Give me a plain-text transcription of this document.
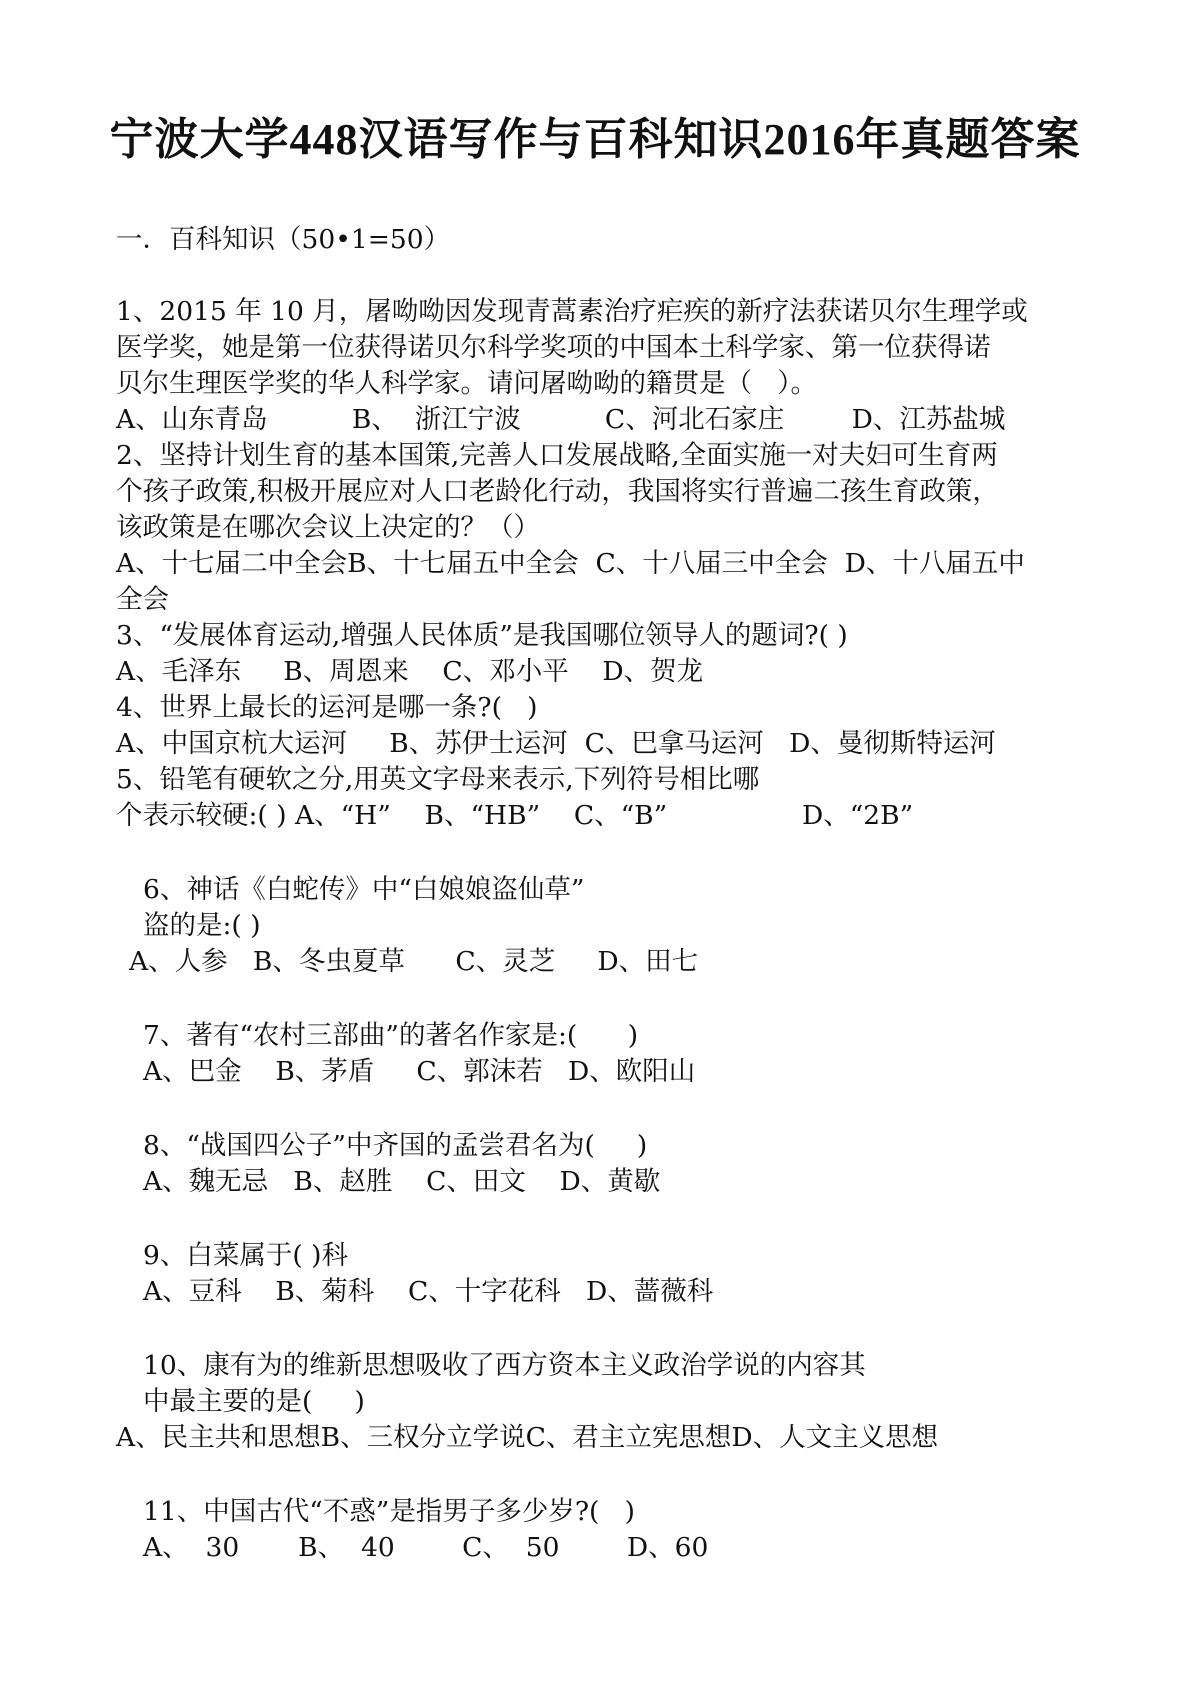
宁波大学448汉语写作与百科知识2016年真题答案
一．百科知识（50•1=50）
1、2015 年 10 月，屠呦呦因发现青蒿素治疗疟疾的新疗法获诺贝尔生理学或
医学奖，她是第一位获得诺贝尔科学奖项的中国本土科学家、第一位获得诺
贝尔生理医学奖的华人科学家。请问屠呦呦的籍贯是（   ）。
A、山东青岛          B、  浙江宁波          C、河北石家庄        D、江苏盐城
2、坚持计划生育的基本国策,完善人口发展战略,全面实施一对夫妇可生育两
个孩子政策,积极开展应对人口老龄化行动，我国将实行普遍二孩生育政策，
该政策是在哪次会议上决定的？（）
A、十七届二中全会B、十七届五中全会  C、十八届三中全会  D、十八届五中
全会
3、“发展体育运动,增强人民体质”是我国哪位领导人的题词?( )
A、毛泽东     B、周恩来    C、邓小平    D、贺龙
4、世界上最长的运河是哪一条?(   )
A、中国京杭大运河     B、苏伊士运河  C、巴拿马运河   D、曼彻斯特运河
5、铅笔有硬软之分,用英文字母来表示,下列符号相比哪
个表示较硬:( ) A、“H”    B、“HB”    C、“B”                D、“2B”
6、神话《白蛇传》中“白娘娘盗仙草”
盗的是:( )
A、人参   B、冬虫夏草      C、灵芝     D、田七
7、著有“农村三部曲”的著名作家是:(      )
A、巴金    B、茅盾     C、郭沫若   D、欧阳山
8、“战国四公子”中齐国的孟尝君名为(     )
A、魏无忌   B、赵胜    C、田文    D、黄歇
9、白菜属于( )科
A、豆科    B、菊科    C、十字花科   D、蔷薇科
10、康有为的维新思想吸收了西方资本主义政治学说的内容其
中最主要的是(     )
A、民主共和思想B、三权分立学说C、君主立宪思想D、人文主义思想
11、中国古代“不惑”是指男子多少岁?(   )
A、  30       B、  40        C、  50        D、60
